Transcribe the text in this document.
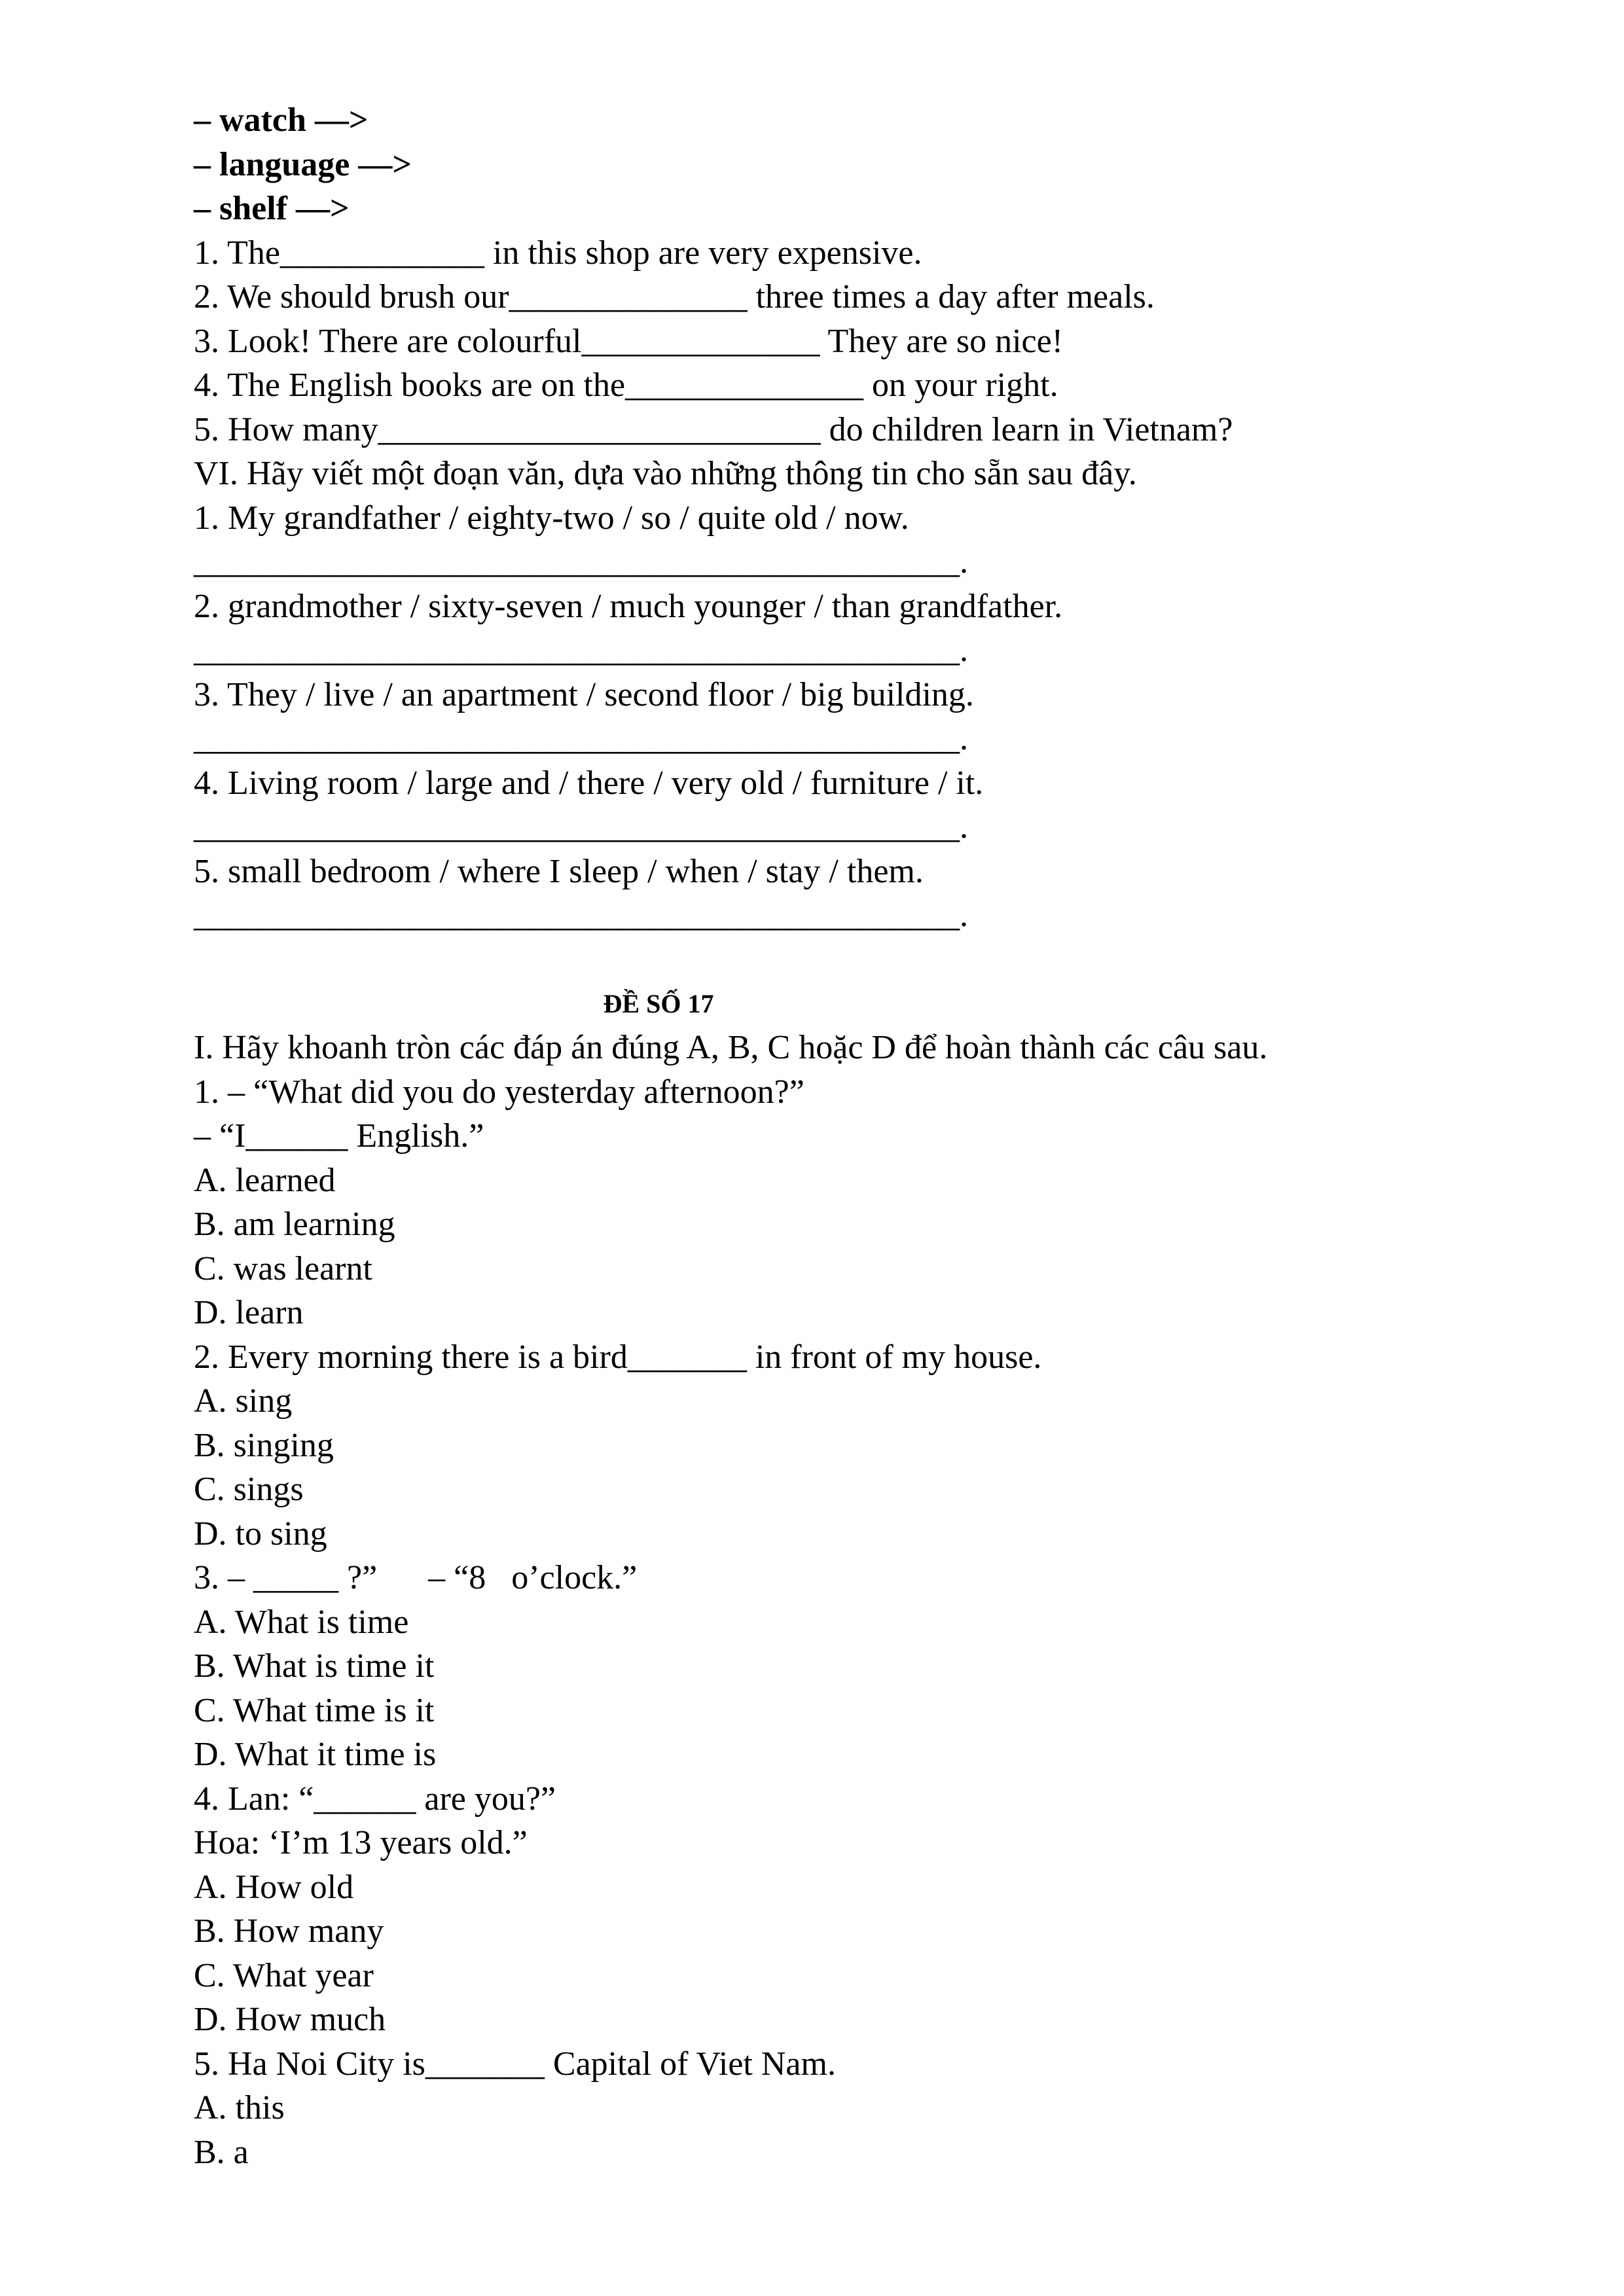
– watch —>
– language —>
– shelf —>
1. The____________ in this shop are very expensive.
2. We should brush our______________ three times a day after meals.
3. Look! There are colourful______________ They are so nice!
4. The English books are on the______________ on your right.
5. How many__________________________ do children learn in Vietnam?
VI. Hãy viết một đoạn văn, dựa vào những thông tin cho sẵn sau đây.
1. My grandfather / eighty-two / so / quite old / now.
_____________________________________________.
2. grandmother / sixty-seven / much younger / than grandfather.
_____________________________________________.
3. They / live / an apartment / second floor / big building.
_____________________________________________.
4. Living room / large and / there / very old / furniture / it.
_____________________________________________.
5. small bedroom / where I sleep / when / stay / them.
_____________________________________________.
ĐỀ SỐ 17
I. Hãy khoanh tròn các đáp án đúng A, B, C hoặc D để hoàn thành các câu sau.
1. – “What did you do yesterday afternoon?”
– “I______ English.”
A. learned
B. am learning
C. was learnt
D. learn
2. Every morning there is a bird_______ in front of my house.
A. sing
B. singing
C. sings
D. to sing
3. – _____ ?”      – “8   o’clock.”
A. What is time
B. What is time it
C. What time is it
D. What it time is
4. Lan: “______ are you?”
Hoa: ‘I’m 13 years old.”
A. How old
B. How many
C. What year
D. How much
5. Ha Noi City is_______ Capital of Viet Nam.
A. this
B. a
